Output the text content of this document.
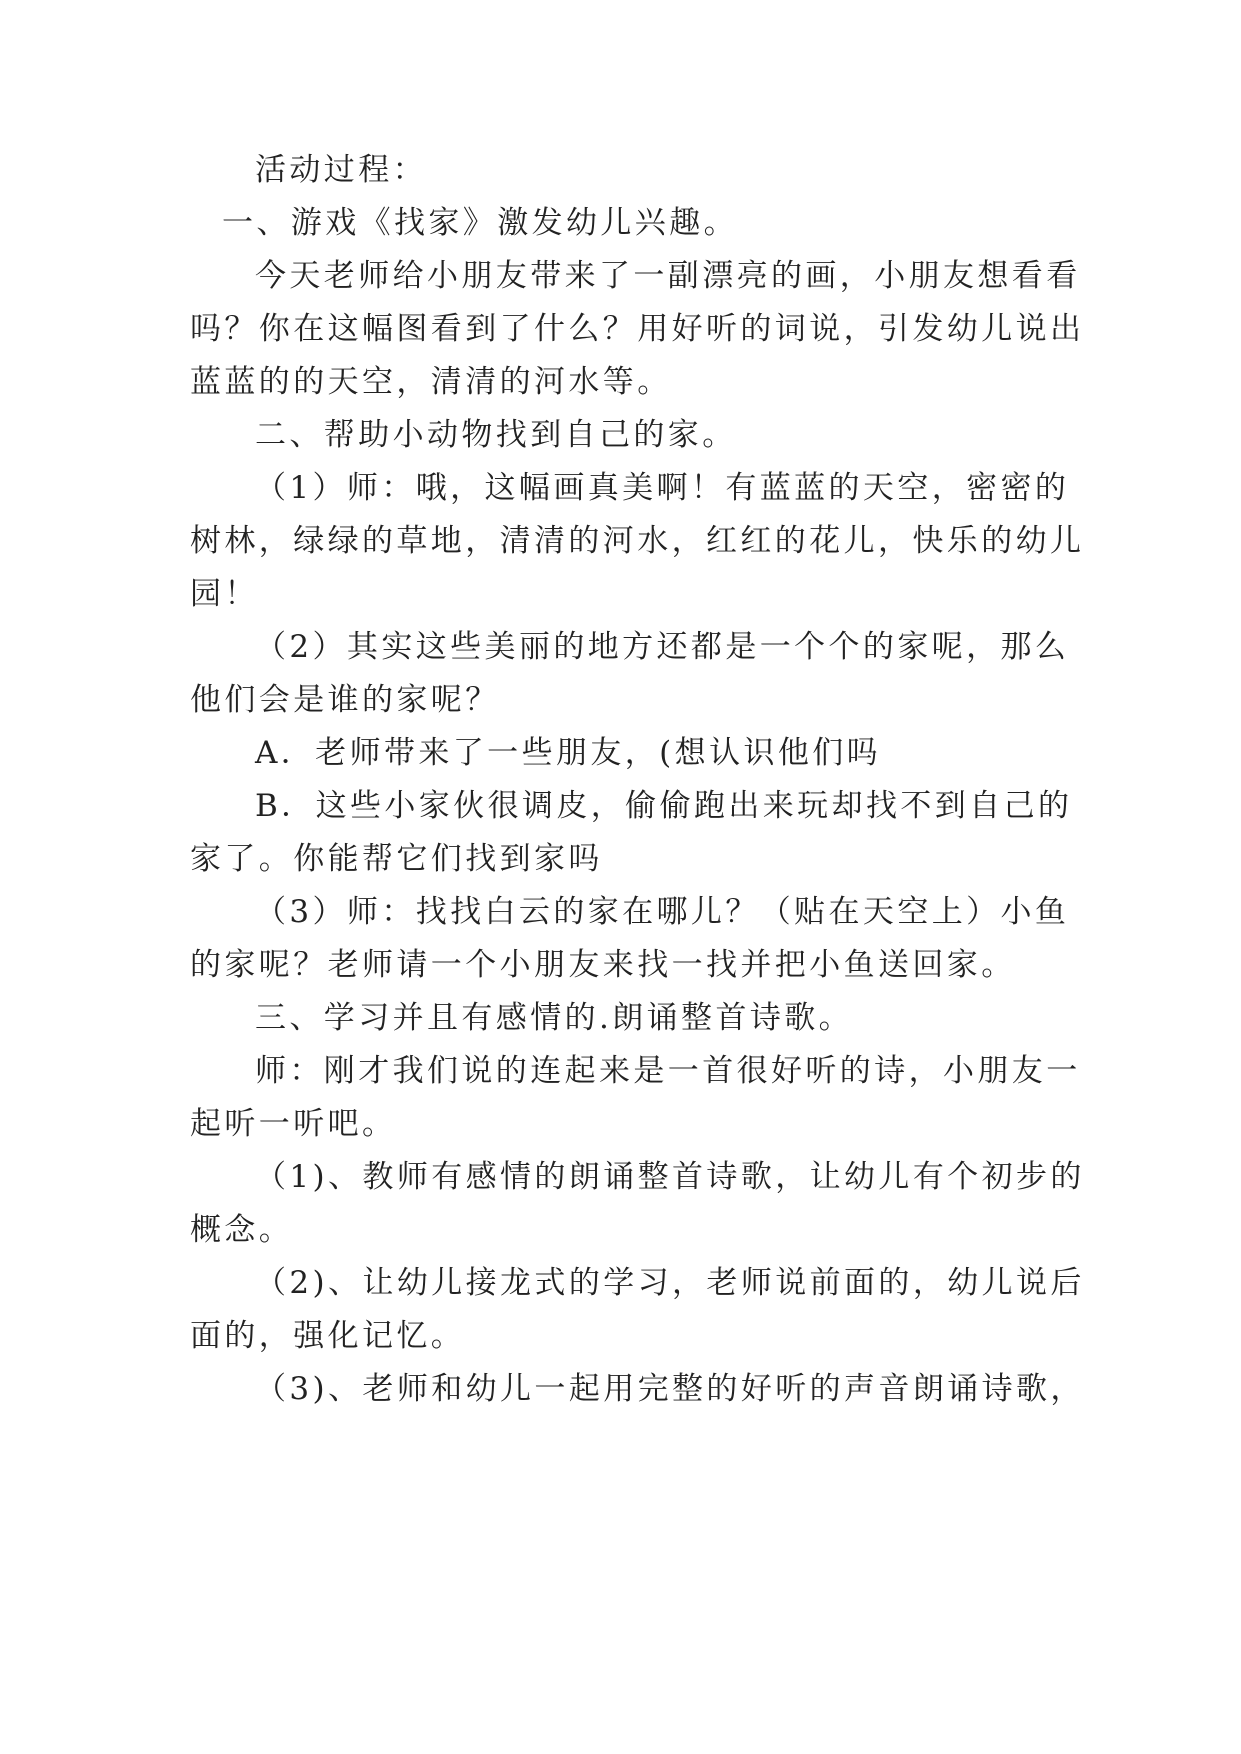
活动过程：
一、游戏《找家》激发幼儿兴趣。
今天老师给小朋友带来了一副漂亮的画，小朋友想看看
吗？你在这幅图看到了什么？用好听的词说，引发幼儿说出
蓝蓝的的天空，清清的河水等。
二、帮助小动物找到自己的家。
（1）师：哦，这幅画真美啊！有蓝蓝的天空，密密的
树林，绿绿的草地，清清的河水，红红的花儿，快乐的幼儿
园！
（2）其实这些美丽的地方还都是一个个的家呢，那么
他们会是谁的家呢？
A．老师带来了一些朋友，(想认识他们吗
B．这些小家伙很调皮，偷偷跑出来玩却找不到自己的
家了。你能帮它们找到家吗
（3）师：找找白云的家在哪儿？（贴在天空上）小鱼
的家呢？老师请一个小朋友来找一找并把小鱼送回家。
三、学习并且有感情的.朗诵整首诗歌。
师：刚才我们说的连起来是一首很好听的诗，小朋友一
起听一听吧。
（1)、教师有感情的朗诵整首诗歌，让幼儿有个初步的
概念。
（2)、让幼儿接龙式的学习，老师说前面的，幼儿说后
面的，强化记忆。
（3)、老师和幼儿一起用完整的好听的声音朗诵诗歌，
